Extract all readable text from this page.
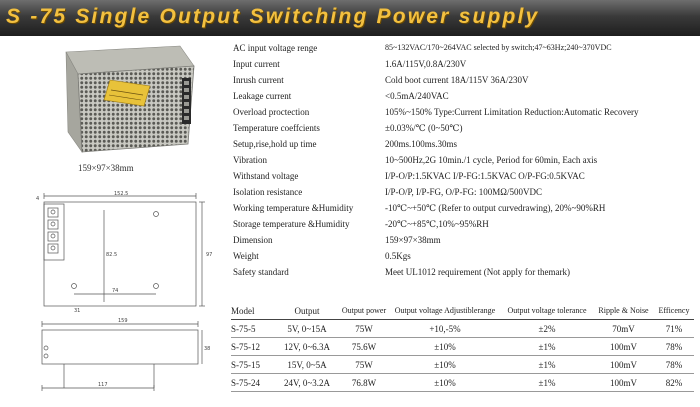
S -75 Single Output Switching Power supply
159×97×38mm
152.5
159
4
97
82.5
74
31
38
117
AC input voltage renge	85~132VAC/170~264VAC selected by switch;47~63Hz;240~370VDC
Input current	1.6A/115V,0.8A/230V
Inrush current	Cold boot current 18A/115V 36A/230V
Leakage current	<0.5mA/240VAC
Overload proctection	105%~150% Type:Current Limitation Reduction:Automatic Recovery
Temperature coeffcients	±0.03%/℃ (0~50℃)
Setup,rise,hold up time	200ms.100ms.30ms
Vibration	10~500Hz,2G 10min./1 cycle, Period for 60min, Each axis
Withstand voltage	I/P-O/P:1.5KVAC I/P-FG:1.5KVAC O/P-FG:0.5KVAC
Isolation resistance	I/P-O/P, I/P-FG, O/P-FG: 100MΩ/500VDC
Working temperature &Humidity	-10℃~+50℃ (Refer to output curvedrawing), 20%~90%RH
Storage temperature &Humidity	-20℃~+85℃,10%~95%RH
Dimension	159×97×38mm
Weight	0.5Kgs
Safety standard	Meet UL1012 requirement (Not apply for themark)
Model	Output	Output power	Output voltage Adjustiblerange	Output voltage tolerance	Ripple & Noise	Efficency
S-75-5	5V, 0~15A	75W	+10,-5%	±2%	70mV	71%
S-75-12	12V, 0~6.3A	75.6W	±10%	±1%	100mV	78%
S-75-15	15V, 0~5A	75W	±10%	±1%	100mV	78%
S-75-24	24V, 0~3.2A	76.8W	±10%	±1%	100mV	82%
